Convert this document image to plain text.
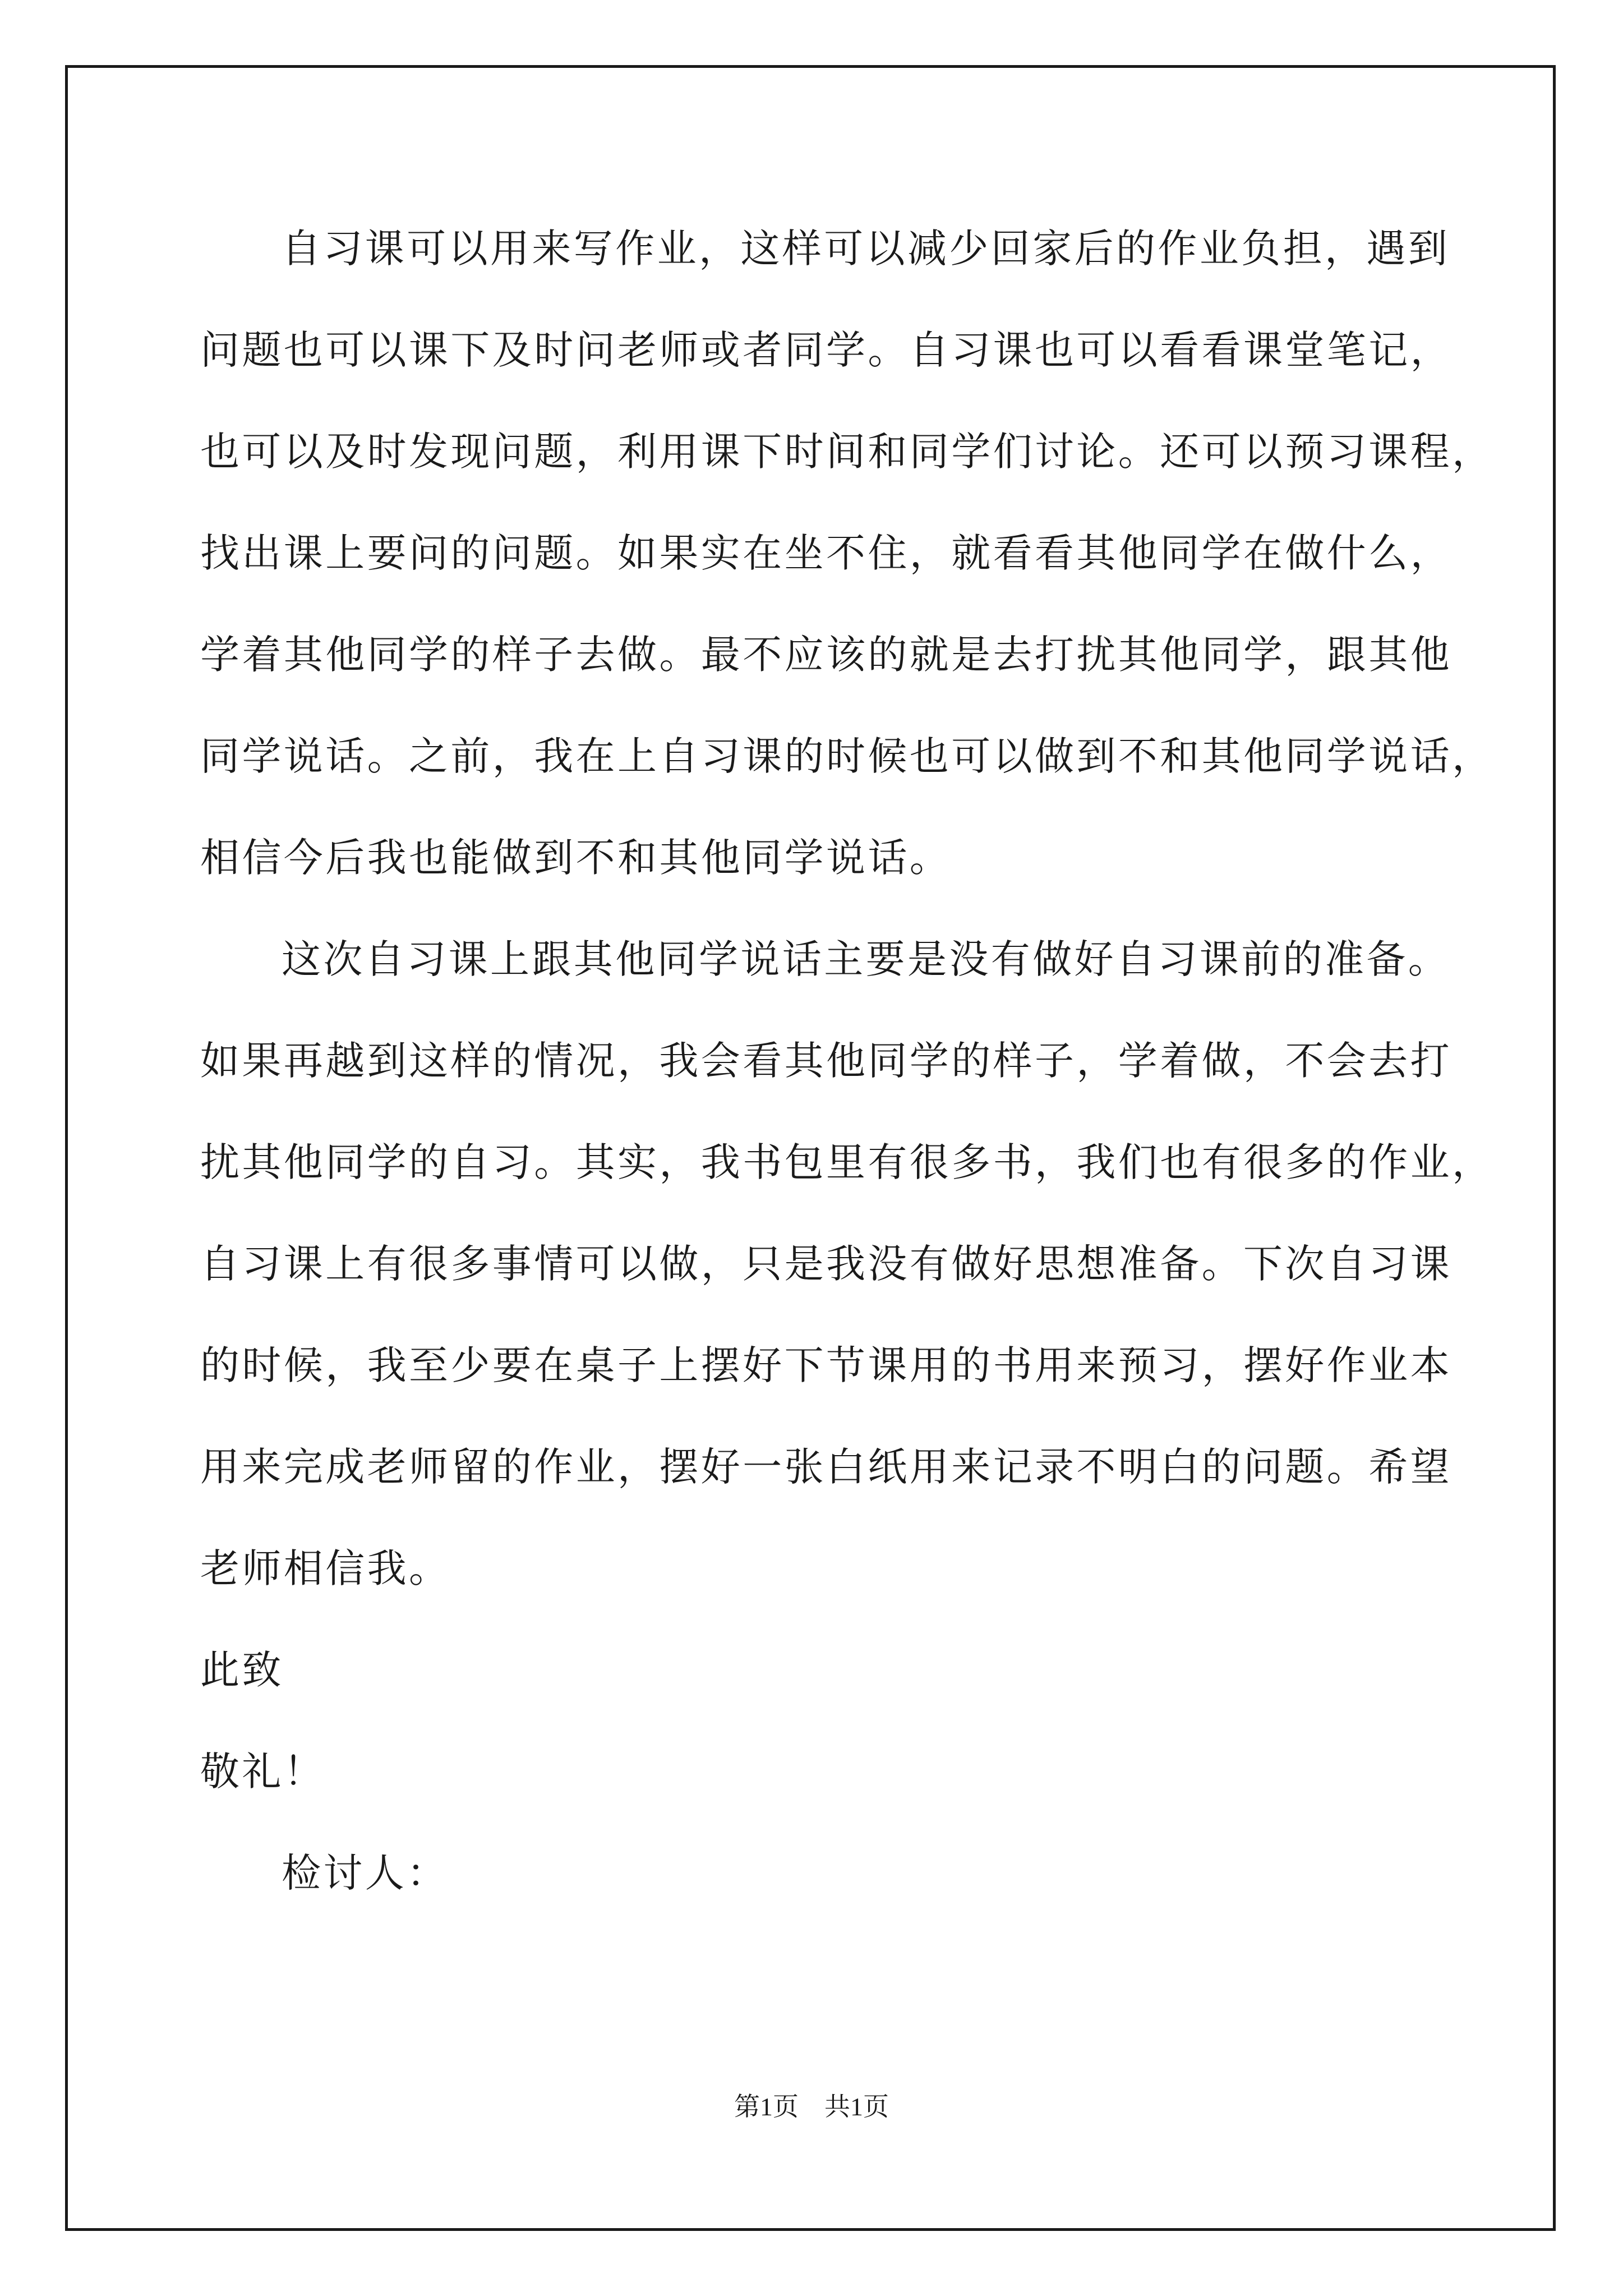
自习课可以用来写作业，这样可以减少回家后的作业负担，遇到
问题也可以课下及时问老师或者同学。自习课也可以看看课堂笔记，
也可以及时发现问题，利用课下时间和同学们讨论。还可以预习课程，
找出课上要问的问题。如果实在坐不住，就看看其他同学在做什么，
学着其他同学的样子去做。最不应该的就是去打扰其他同学，跟其他
同学说话。之前，我在上自习课的时候也可以做到不和其他同学说话，
相信今后我也能做到不和其他同学说话。
这次自习课上跟其他同学说话主要是没有做好自习课前的准备。
如果再越到这样的情况，我会看其他同学的样子，学着做，不会去打
扰其他同学的自习。其实，我书包里有很多书，我们也有很多的作业，
自习课上有很多事情可以做，只是我没有做好思想准备。下次自习课
的时候，我至少要在桌子上摆好下节课用的书用来预习，摆好作业本
用来完成老师留的作业，摆好一张白纸用来记录不明白的问题。希望
老师相信我。
此致
敬礼！
检讨人：
第1页　共1页
